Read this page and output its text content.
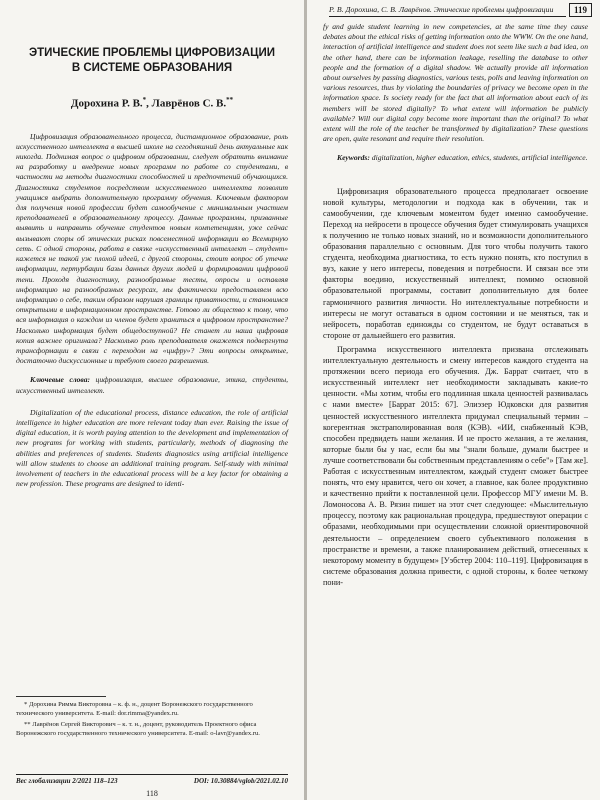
ЭТИЧЕСКИЕ ПРОБЛЕМЫ ЦИФРОВИЗАЦИИ
В СИСТЕМЕ ОБРАЗОВАНИЯ
Дорохина Р. В.*, Лаврёнов С. В.**

Цифровизация образовательного процесса, дистанционное образование, роль искусственного интеллекта в высшей школе на сегодняшний день актуальные как никогда. Поднимая вопрос о цифровом образовании, следует обратить внимание на разработку и внедрение новых программ по работе со студентами, в частности на методы диагностики способностей и предпочтений обучающихся. Диагностика студентов посредством искусственного интеллекта позволит учащимся выбрать дополнительную программу обучения. Ключевым фактором для получения новой профессии будет самообучение с минимальным участием преподавателей в образовательному процессу. Данные программы, призванные выявить и направить обучение студентов новым компетенциям, уже сейчас вызывают споры об этических рисках повсеместной информации во Всемирную сеть. С одной стороны, работа в связке «искусственный интеллект – студент» кажется не такой уж плохой идеей, с другой стороны, стоит вопрос об утечке информации, пертурбации базы данных других людей и формировании цифровой тени. Проходя диагностику, разнообразные тесты, опросы и оставляя информацию на разнообразных ресурсах, мы фактически предоставляем всю информацию о себе, таким образом нарушая границы приватности, и становимся открытыми в информационном пространстве. Готово ли общество к тому, что вся информация о каждом из членов будет храниться в цифровом пространстве? Насколько информация будет общедоступной? Не станет ли наша цифровая копия важнее оригинала? Насколько роль преподавателя окажется подвергнута трансформации в связи с переходом на «цифру»? Эти вопросы открытые, достаточно дискуссионные и требуют своего разрешения.

Ключевые слова: цифровизация, высшее образование, этика, студенты, искусственный интеллект.

Digitalization of the educational process, distance education, the role of artificial intelligence in higher education are more relevant today than ever. Raising the issue of digital education, it is worth paying attention to the development and implementation of new programs for working with students, particularly, methods of diagnosing the abilities and preferences of students. Students diagnostics using artificial intelligence will allow students to choose an additional training program. Self-study with minimal involvement of teachers in the educational process will be a key factor for obtaining a new profession. These programs are designed to identi-

* Дорохина Римма Викторовна – к. ф. н., доцент Воронежского государственного технического университета. E-mail: dor.rimma@yandex.ru.

** Лаврёнов Сергей Викторович – к. т. н., доцент, руководитель Проектного офиса Воронежского государственного технического университета. E-mail: o-lavr@yandex.ru.

Вес глобализации 2/2021 118–123	DOI: 10.30884/vglob/2021.02.10
118
Р. В. Дорохина, С. В. Лаврёнов. Этические проблемы цифровизации	119

fy and guide student learning in new competencies, at the same time they cause debates about the ethical risks of getting information onto the WWW. On the one hand, interaction of artificial intelligence and student does not seem like such a bad idea, on the other hand, there can be information leakage, reselling the database to other people and the formation of a digital shadow. We actually provide all information about ourselves by passing diagnostics, various tests, polls and leaving information on various resources, thus by violating the boundaries of privacy we become open in the information space. Is society ready for the fact that all information about each of its members will be stored digitally? To what extent will information be publicly available? Will our digital copy become more important than the original? To what extent will the role of the teacher be transformed by digitalization? These questions are open, quite resonant and require their resolution.

Keywords: digitalization, higher education, ethics, students, artificial intelligence.

Цифровизация образовательного процесса предполагает освоение новой культуры, методологии и подхода как в обучении, так и самообучении, где ключевым моментом будет именно самообучение. Переход на нейросети в процессе обучения будет стимулировать учащихся к получению не только новых знаний, но и возможности дополнительного образования параллельно с основным. Для того чтобы получить такого студента, необходима диагностика, то есть нужно понять, кто поступил в вуз, какие у него интересы, поведения и потребности. И связан все эти факторы воедино, искусственный интеллект, помимо основной образовательной программы, составит дополнительную для более гармоничного развития личности. Но интеллектуальные потребности и интересы не могут оставаться в одном состоянии и не меняться, так и нейросеть, поработав единожды со студентом, не будут оставаться в стороне от дальнейшего его развития.

Программа искусственного интеллекта призвана отслеживать интеллектуальную деятельность и смену интересов каждого студента на протяжении всего периода его обучения. Дж. Баррат считает, что в искусственный интеллект нет необходимости закладывать какие-то ценности. «Мы хотим, чтобы его подлинная шкала ценностей развивалась с нами вместе» [Баррат 2015: 67]. Элиэзер Юдковски для развития ценностей искусственного интеллекта придумал специальный термин – когерентная экстраполированная воля (КЭВ). «ИИ, снабженный КЭВ, способен предвидеть наши желания. И не просто желания, а те желания, которые были бы у нас, если бы мы "знали больше, думали быстрее и лучше соответствовали бы собственным представлениям о себе"» [Там же]. Работая с искусственным интеллектом, каждый студент сможет быстрее понять, что ему нравится, чего он хочет, а главное, как более продуктивно и качественно прийти к поставленной цели. Профессор МГУ имени М. В. Ломоносова А. В. Рязин пишет на этот счет следующее: «Мыслительную процессу, поэтому как рациональная процедура, предшествуют операции с образами, необходимыми при осуществлении сложной ориентировочной деятельности – определением своего субъективного положения в пространстве и времени, а также планированием действий, отнесенных к некоторому моменту в будущем» [Уэбстер 2004: 110–119]. Цифровизация в системе образования должна привести, с одной стороны, к более четкому пони-
